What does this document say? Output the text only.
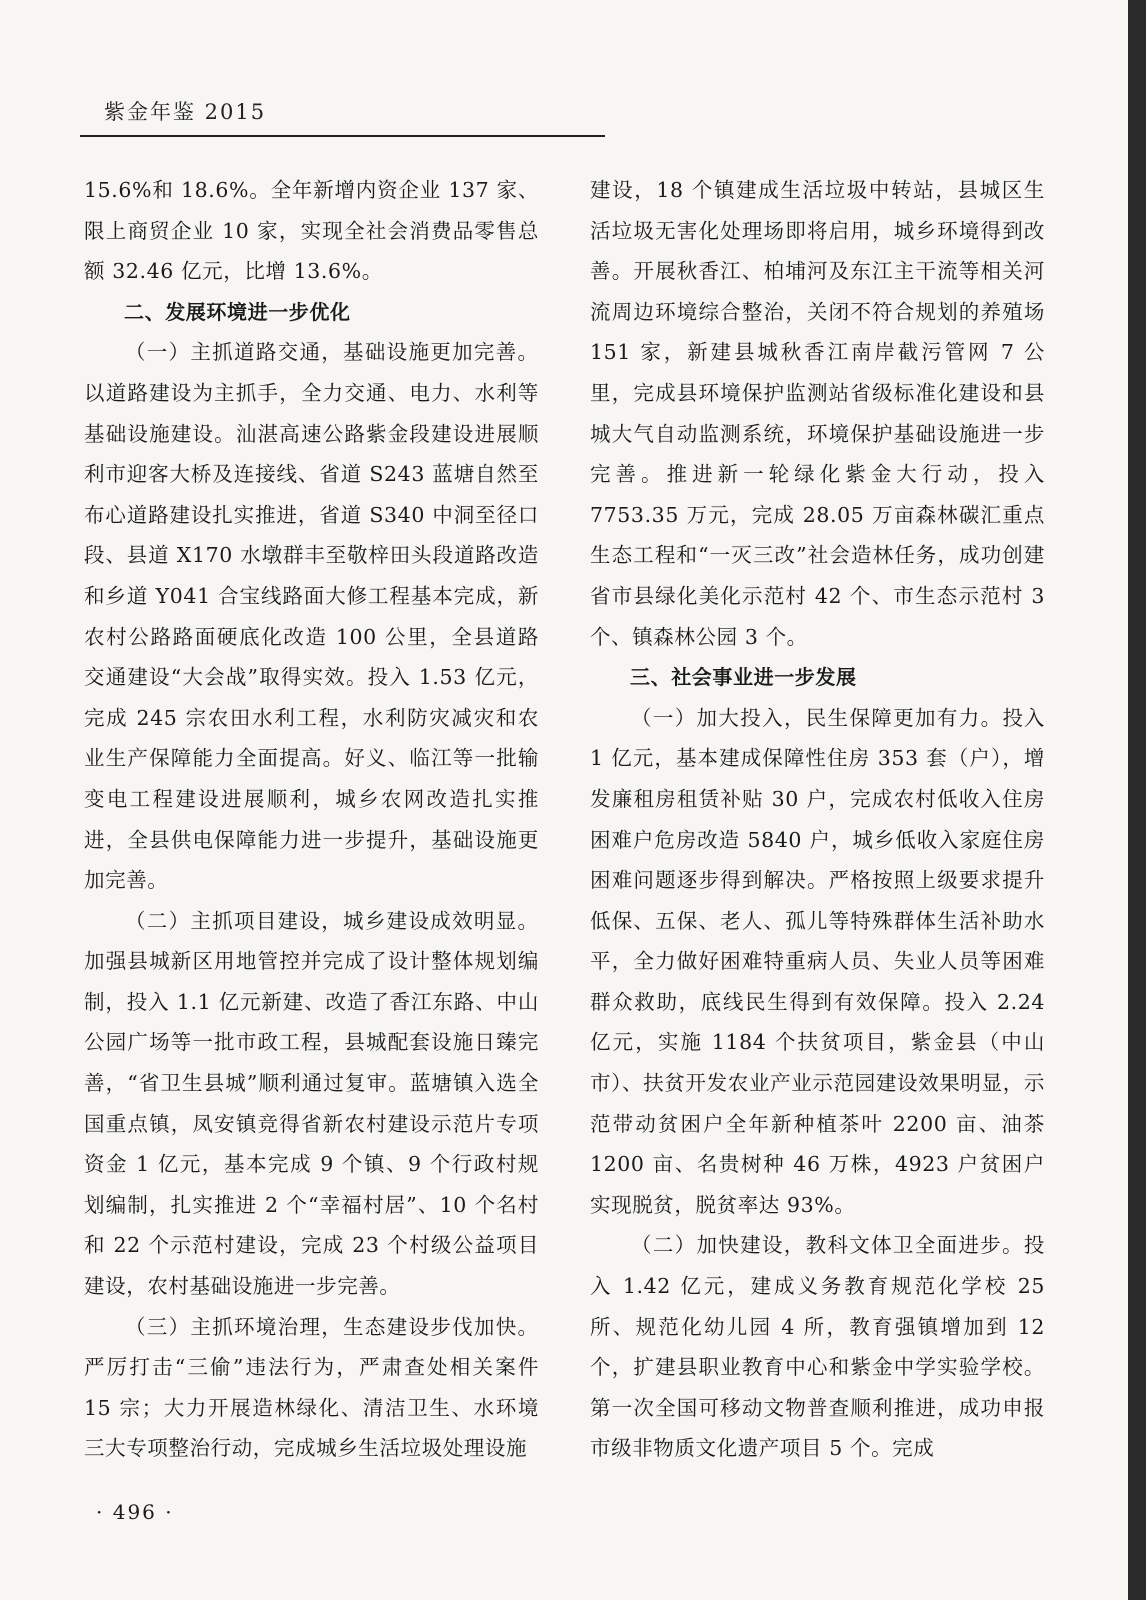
紫金年鉴 2015

15.6%和 18.6%。全年新增内资企业 137 家、限上商贸企业 10 家，实现全社会消费品零售总额 32.46 亿元，比增 13.6%。

二、发展环境进一步优化

（一）主抓道路交通，基础设施更加完善。以道路建设为主抓手，全力交通、电力、水利等基础设施建设。汕湛高速公路紫金段建设进展顺利市迎客大桥及连接线、省道 S243 蓝塘自然至布心道路建设扎实推进，省道 S340 中洞至径口段、县道 X170 水墩群丰至敬梓田头段道路改造和乡道 Y041 合宝线路面大修工程基本完成，新农村公路路面硬底化改造 100 公里，全县道路交通建设“大会战”取得实效。投入 1.53 亿元，完成 245 宗农田水利工程，水利防灾减灾和农业生产保障能力全面提高。好义、临江等一批输变电工程建设进展顺利，城乡农网改造扎实推进，全县供电保障能力进一步提升，基础设施更加完善。

（二）主抓项目建设，城乡建设成效明显。加强县城新区用地管控并完成了设计整体规划编制，投入 1.1 亿元新建、改造了香江东路、中山公园广场等一批市政工程，县城配套设施日臻完善，“省卫生县城”顺利通过复审。蓝塘镇入选全国重点镇，凤安镇竞得省新农村建设示范片专项资金 1 亿元，基本完成 9 个镇、9 个行政村规划编制，扎实推进 2 个“幸福村居”、10 个名村和 22 个示范村建设，完成 23 个村级公益项目建设，农村基础设施进一步完善。

（三）主抓环境治理，生态建设步伐加快。严厉打击“三偷”违法行为，严肃查处相关案件 15 宗；大力开展造林绿化、清洁卫生、水环境三大专项整治行动，完成城乡生活垃圾处理设施

建设，18 个镇建成生活垃圾中转站，县城区生活垃圾无害化处理场即将启用，城乡环境得到改善。开展秋香江、柏埔河及东江主干流等相关河流周边环境综合整治，关闭不符合规划的养殖场 151 家，新建县城秋香江南岸截污管网 7 公里，完成县环境保护监测站省级标准化建设和县城大气自动监测系统，环境保护基础设施进一步完善。推进新一轮绿化紫金大行动，投入 7753.35 万元，完成 28.05 万亩森林碳汇重点生态工程和“一灭三改”社会造林任务，成功创建省市县绿化美化示范村 42 个、市生态示范村 3 个、镇森林公园 3 个。

三、社会事业进一步发展

（一）加大投入，民生保障更加有力。投入 1 亿元，基本建成保障性住房 353 套（户），增发廉租房租赁补贴 30 户，完成农村低收入住房困难户危房改造 5840 户，城乡低收入家庭住房困难问题逐步得到解决。严格按照上级要求提升低保、五保、老人、孤儿等特殊群体生活补助水平，全力做好困难特重病人员、失业人员等困难群众救助，底线民生得到有效保障。投入 2.24 亿元，实施 1184 个扶贫项目，紫金县（中山市）、扶贫开发农业产业示范园建设效果明显，示范带动贫困户全年新种植茶叶 2200 亩、油茶 1200 亩、名贵树种 46 万株，4923 户贫困户实现脱贫，脱贫率达 93%。

（二）加快建设，教科文体卫全面进步。投入 1.42 亿元，建成义务教育规范化学校 25 所、规范化幼儿园 4 所，教育强镇增加到 12 个，扩建县职业教育中心和紫金中学实验学校。第一次全国可移动文物普查顺利推进，成功申报市级非物质文化遗产项目 5 个。完成

· 496 ·
